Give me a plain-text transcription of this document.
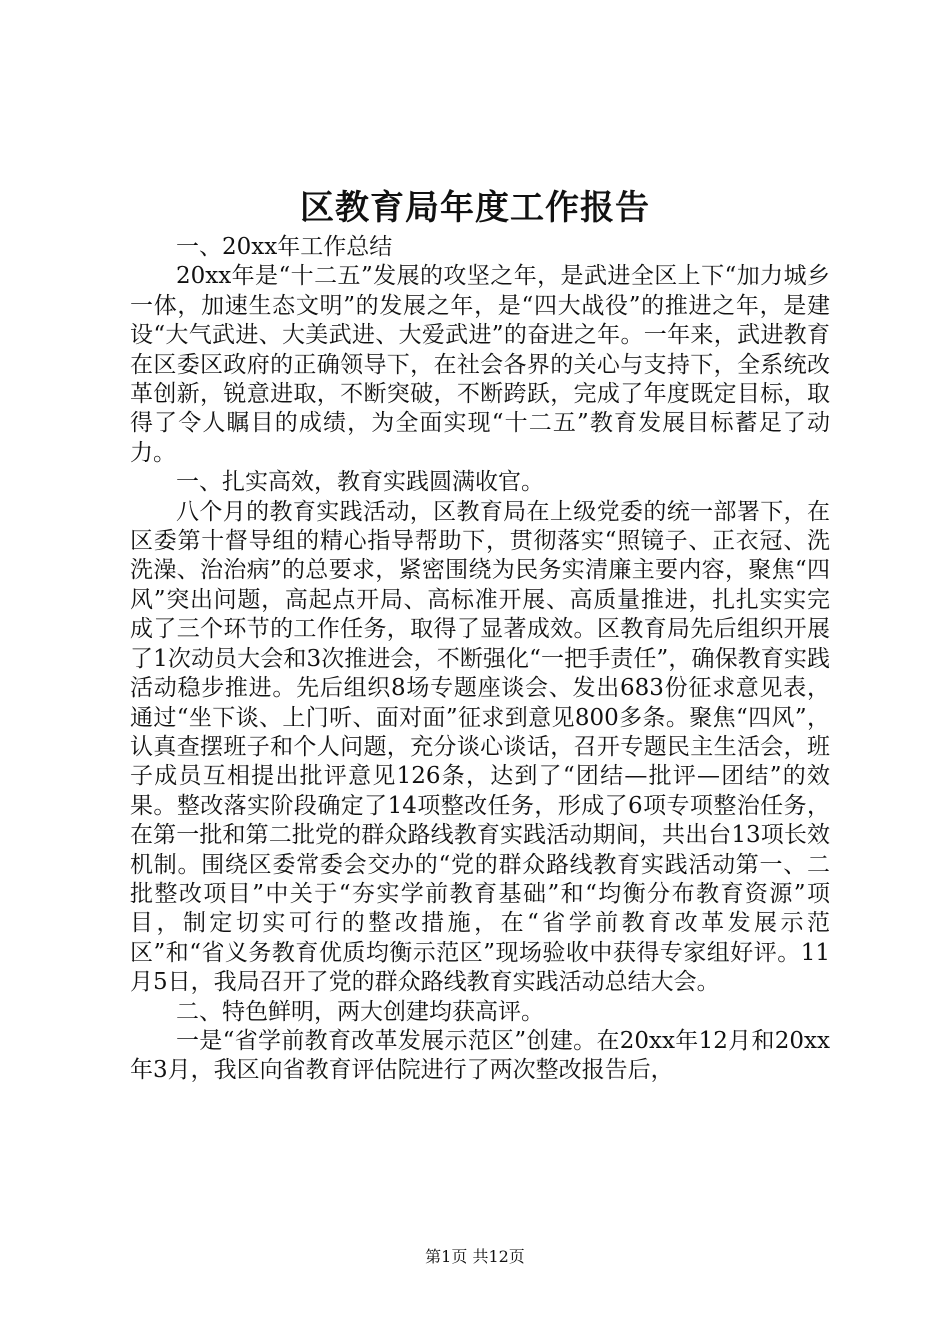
区教育局年度工作报告

一、20xx年工作总结

20xx年是“十二五”发展的攻坚之年，是武进全区上下“加力城乡一体，加速生态文明”的发展之年，是“四大战役”的推进之年，是建设“大气武进、大美武进、大爱武进”的奋进之年。一年来，武进教育在区委区政府的正确领导下，在社会各界的关心与支持下，全系统改革创新，锐意进取，不断突破，不断跨跃，完成了年度既定目标，取得了令人瞩目的成绩，为全面实现“十二五”教育发展目标蓄足了动力。

一、扎实高效，教育实践圆满收官。

八个月的教育实践活动，区教育局在上级党委的统一部署下，在区委第十督导组的精心指导帮助下，贯彻落实“照镜子、正衣冠、洗洗澡、治治病”的总要求，紧密围绕为民务实清廉主要内容，聚焦“四风”突出问题，高起点开局、高标准开展、高质量推进，扎扎实实完成了三个环节的工作任务，取得了显著成效。区教育局先后组织开展了1次动员大会和3次推进会，不断强化“一把手责任”，确保教育实践活动稳步推进。先后组织8场专题座谈会、发出683份征求意见表，通过“坐下谈、上门听、面对面”征求到意见800多条。聚焦“四风”，认真查摆班子和个人问题，充分谈心谈话，召开专题民主生活会，班子成员互相提出批评意见126条，达到了“团结—批评—团结”的效果。整改落实阶段确定了14项整改任务，形成了6项专项整治任务，在第一批和第二批党的群众路线教育实践活动期间，共出台13项长效机制。围绕区委常委会交办的“党的群众路线教育实践活动第一、二批整改项目”中关于“夯实学前教育基础”和“均衡分布教育资源”项目，制定切实可行的整改措施，在“省学前教育改革发展示范区”和“省义务教育优质均衡示范区”现场验收中获得专家组好评。11月5日，我局召开了党的群众路线教育实践活动总结大会。

二、特色鲜明，两大创建均获高评。

一是“省学前教育改革发展示范区”创建。在20xx年12月和20xx年3月，我区向省教育评估院进行了两次整改报告后，

第1页 共12页
